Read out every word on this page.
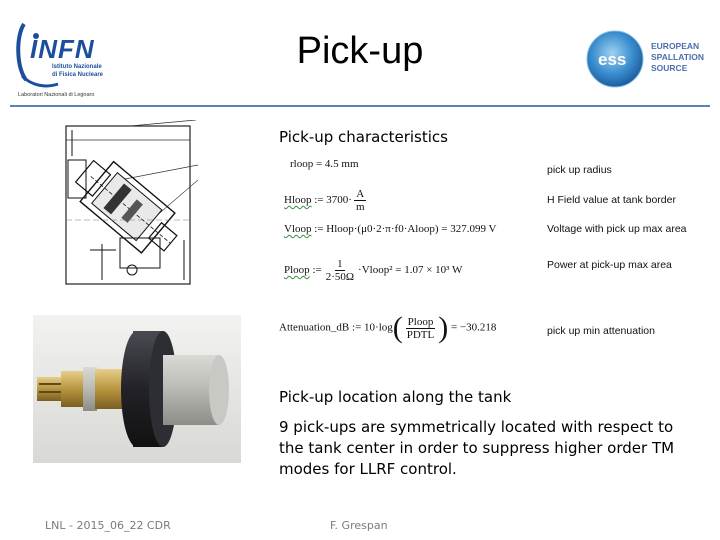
INFN
Istituto Nazionale
di Fisica Nucleare
Laboratori Nazionali di Legnaro
Pick-up	ess
EUROPEAN
SPALLATION
SOURCE
Pick-up characteristics
rloop = 4.5 mm
Hloop := $3700\cdot \frac{A}{m}$
Vloop := Hloop·(μ0·2·π·f0·Aloop) = 327.099 V
Ploop := $\frac{1}{2\cdot 50\Omega}$ ·Vloop² = 1.07 × 10³ W
Attenuation_dB := $10\cdot\log( \frac{\text{Ploop}}{\text{PDTL}}$ ) = −30.218
pick up radius
H Field value at tank border
Voltage with pick up max area
Power at pick-up max area
pick up min attenuation
Pick-up location along the tank
9 pick-ups are symmetrically located with respect to the tank center in order to suppress higher order TM modes for LLRF control.
LNL - 2015_06_22 CDR	F. Grespan
